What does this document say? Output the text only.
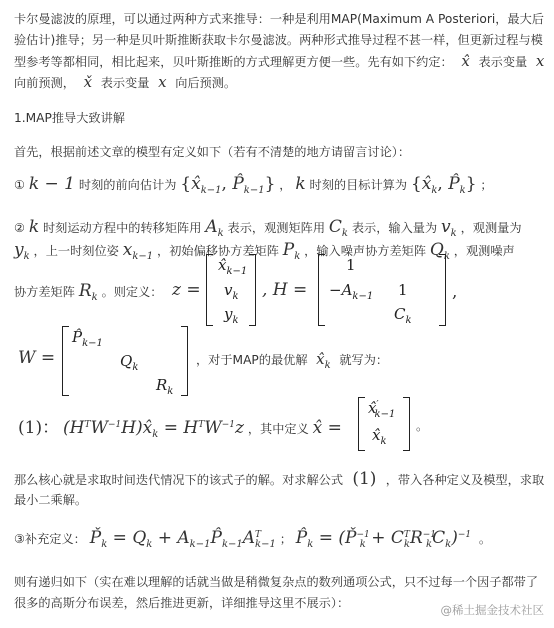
卡尔曼滤波的原理，可以通过两种方式来推导：一种是利用MAP(Maximum A Posteriori，最大后
验估计)推导；另一种是贝叶斯推断获取卡尔曼滤波。两种形式推导过程不甚一样，但更新过程与模
型参考等都相同，相比起来，贝叶斯推断的方式理解更方便一些。先有如下约定：  x̂  表示变量  x
向前预测，  x̌  表示变量  x  向后预测。
1.MAP推导大致讲解
首先，根据前述文章的模型有定义如下（若有不清楚的地方请留言讨论）：
① k − 1 时刻的前向估计为 {$x̂_{k-1}$, $P̂_{k-1}$} ， k 时刻的目标计算为 {$x̂_k$, $P̂_k$} ；
② k 时刻运动方程中的转移矩阵用 $A_k$ 表示，观测矩阵用 $C_k$ 表示，输入量为 $v_k$ ，观测量为
$y_k$ ，上一时刻位姿 $x_{k-1}$ ，初始偏移协方差矩阵 $P_k$ ，输入噪声协方差矩阵 $Q_k$ ，观测噪声
协方差矩阵 $R_k$ 。则定义： z =
$x̂_{k-1}$
$v_k$
$y_k$
, H =
1
$-A_{k-1}$ 1
$C_k$
,
W =
$P̂_{k-1}$
$Q_k$
$R_k$
，对于MAP的最优解  $x̂_k$ 就写为：
(1)： $(H^TW^{-1}H)x̂_k = H^TW^{-1}z$ ，其中定义 x̂ =
$x̂'_{k-1}$
$x̂_k$
。
那么核心就是求取时间迭代情况下的该式子的解。对求解公式  (1)  ，带入各种定义及模型，求取
最小二乘解。
③补充定义： $P̌_k = Q_k$ + $A_{k-1}P̂_{k-1}A^T_{k-1}$ ； $P̂_k$ = (P̌$^{-1}_k$ + $C^T_kR^{-1}_kC_k)^{-1}$  。
则有递归如下（实在难以理解的话就当做是稍微复杂点的数列通项公式，只不过每一个因子都带了
很多的高斯分布误差，然后推进更新，详细推导这里不展示）：	@稀土掘金技术社区
